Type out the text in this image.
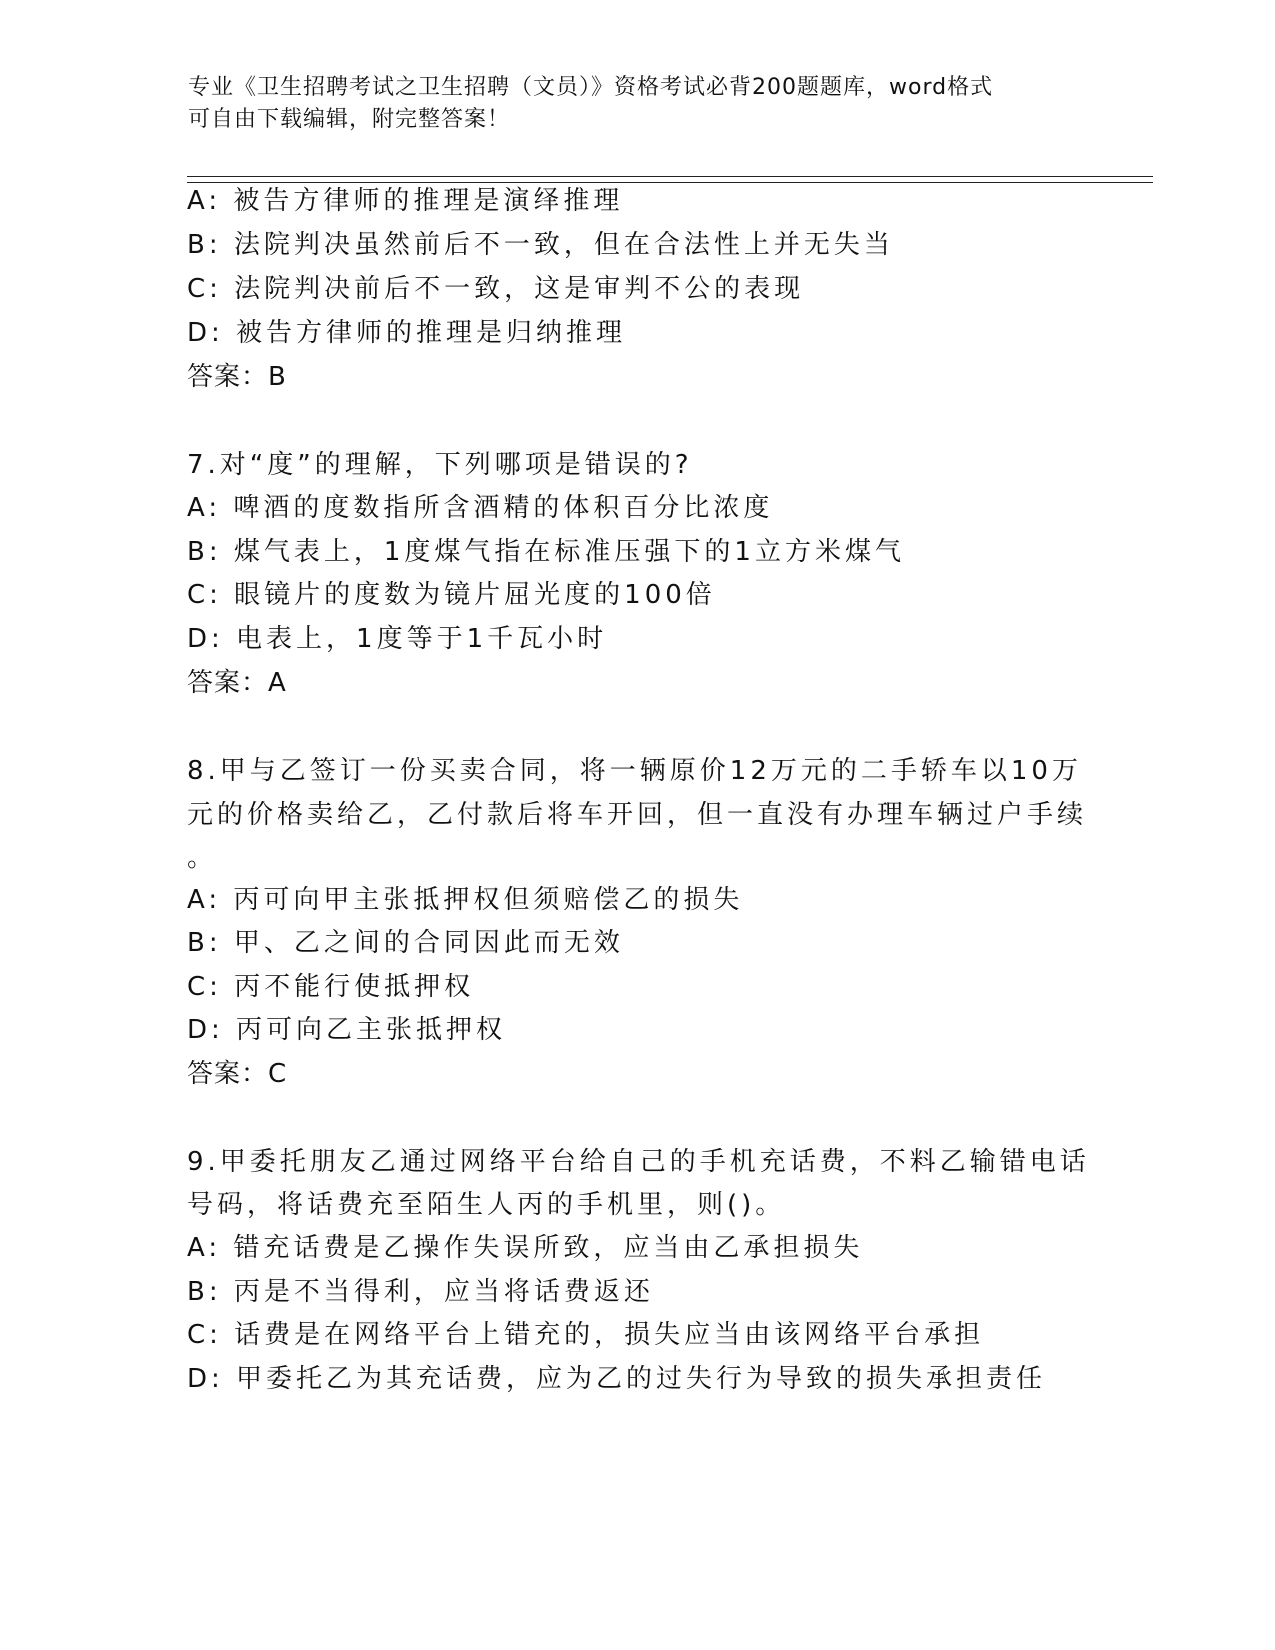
专业《卫生招聘考试之卫生招聘（文员）》资格考试必背200题题库，word格式
可自由下载编辑，附完整答案！
A: 被告方律师的推理是演绎推理
B: 法院判决虽然前后不一致，但在合法性上并无失当
C: 法院判决前后不一致，这是审判不公的表现
D: 被告方律师的推理是归纳推理
答案：B
7.对“度”的理解，下列哪项是错误的?
A: 啤酒的度数指所含酒精的体积百分比浓度
B: 煤气表上，1度煤气指在标准压强下的1立方米煤气
C: 眼镜片的度数为镜片屈光度的100倍
D: 电表上，1度等于1千瓦小时
答案：A
8.甲与乙签订一份买卖合同，将一辆原价12万元的二手轿车以10万
元的价格卖给乙，乙付款后将车开回，但一直没有办理车辆过户手续
。
A: 丙可向甲主张抵押权但须赔偿乙的损失
B: 甲、乙之间的合同因此而无效
C: 丙不能行使抵押权
D: 丙可向乙主张抵押权
答案：C
9.甲委托朋友乙通过网络平台给自己的手机充话费，不料乙输错电话
号码，将话费充至陌生人丙的手机里，则()。
A: 错充话费是乙操作失误所致，应当由乙承担损失
B: 丙是不当得利，应当将话费返还
C: 话费是在网络平台上错充的，损失应当由该网络平台承担
D: 甲委托乙为其充话费，应为乙的过失行为导致的损失承担责任
